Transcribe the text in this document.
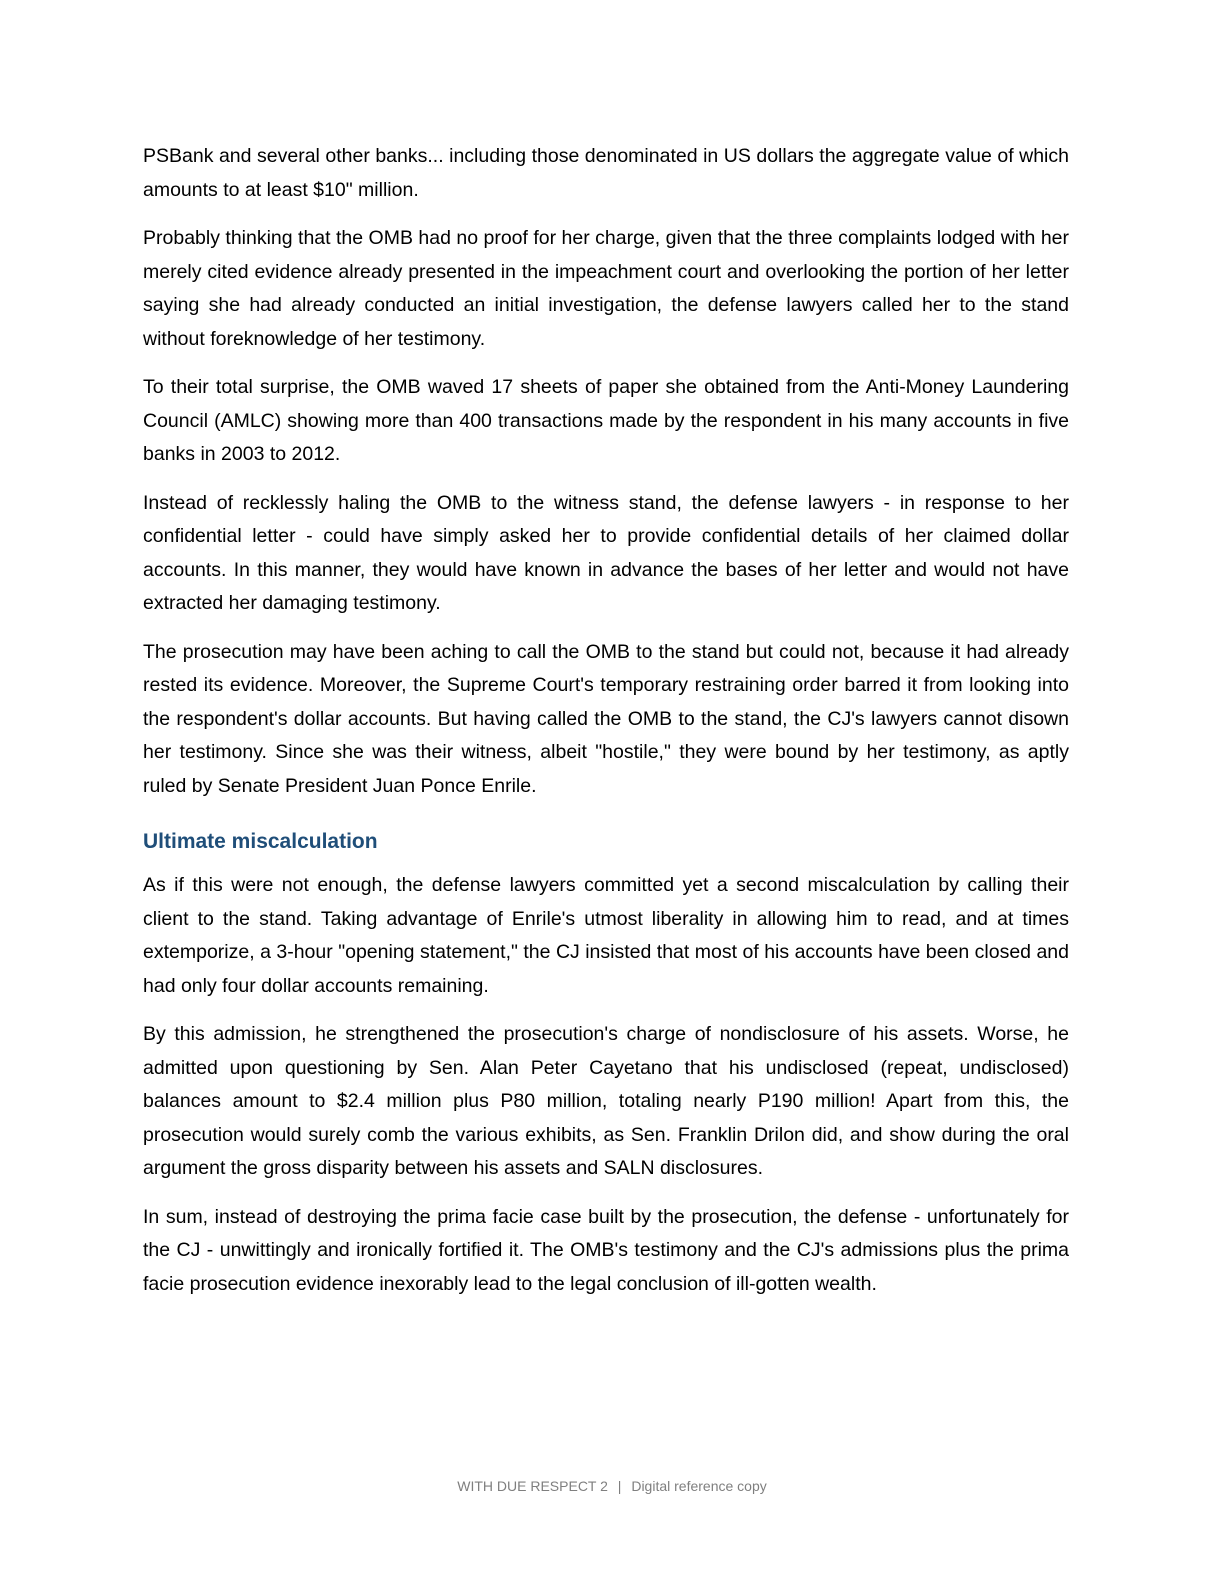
PSBank and several other banks... including those denominated in US dollars the aggregate value of which amounts to at least $10" million.

Probably thinking that the OMB had no proof for her charge, given that the three complaints lodged with her merely cited evidence already presented in the impeachment court and overlooking the portion of her letter saying she had already conducted an initial investigation, the defense lawyers called her to the stand without foreknowledge of her testimony.

To their total surprise, the OMB waved 17 sheets of paper she obtained from the Anti-Money Laundering Council (AMLC) showing more than 400 transactions made by the respondent in his many accounts in five banks in 2003 to 2012.

Instead of recklessly haling the OMB to the witness stand, the defense lawyers - in response to her confidential letter - could have simply asked her to provide confidential details of her claimed dollar accounts. In this manner, they would have known in advance the bases of her letter and would not have extracted her damaging testimony.

The prosecution may have been aching to call the OMB to the stand but could not, because it had already rested its evidence. Moreover, the Supreme Court's temporary restraining order barred it from looking into the respondent's dollar accounts. But having called the OMB to the stand, the CJ's lawyers cannot disown her testimony. Since she was their witness, albeit "hostile," they were bound by her testimony, as aptly ruled by Senate President Juan Ponce Enrile.

Ultimate miscalculation

As if this were not enough, the defense lawyers committed yet a second miscalculation by calling their client to the stand. Taking advantage of Enrile's utmost liberality in allowing him to read, and at times extemporize, a 3-hour "opening statement," the CJ insisted that most of his accounts have been closed and had only four dollar accounts remaining.

By this admission, he strengthened the prosecution's charge of nondisclosure of his assets. Worse, he admitted upon questioning by Sen. Alan Peter Cayetano that his undisclosed (repeat, undisclosed) balances amount to $2.4 million plus P80 million, totaling nearly P190 million! Apart from this, the prosecution would surely comb the various exhibits, as Sen. Franklin Drilon did, and show during the oral argument the gross disparity between his assets and SALN disclosures.

In sum, instead of destroying the prima facie case built by the prosecution, the defense - unfortunately for the CJ - unwittingly and ironically fortified it. The OMB's testimony and the CJ's admissions plus the prima facie prosecution evidence inexorably lead to the legal conclusion of ill-gotten wealth.

WITH DUE RESPECT 2 | Digital reference copy
